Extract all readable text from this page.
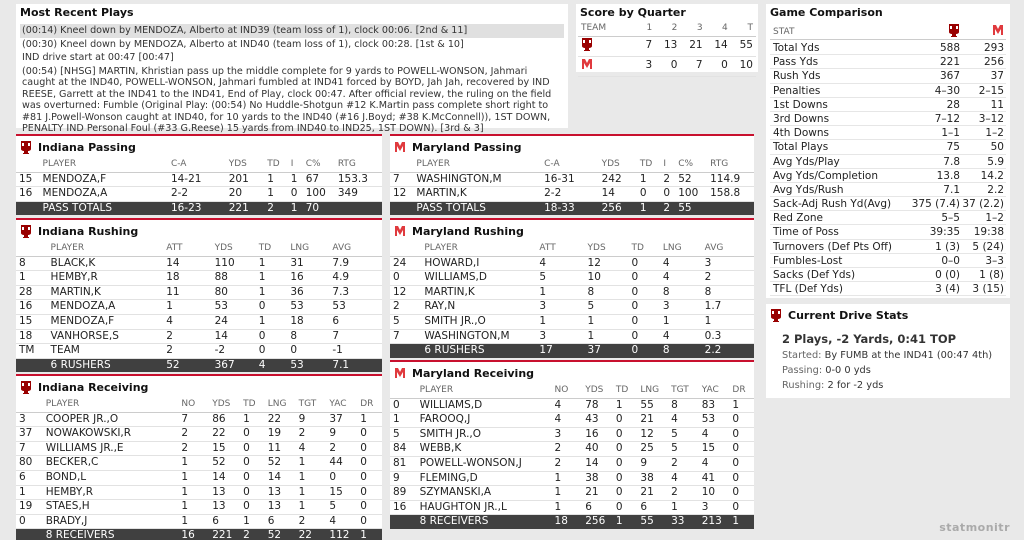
Most Recent Plays
(00:14) Kneel down by MENDOZA, Alberto at IND39 (team loss of 1), clock 00:06. [2nd & 11]
(00:30) Kneel down by MENDOZA, Alberto at IND40 (team loss of 1), clock 00:28. [1st & 10]
IND drive start at 00:47 [00:47]
(00:54) [NHSG] MARTIN, Khristian pass up the middle complete for 9 yards to POWELL-WONSON, Jahmari caught at the IND40, POWELL-WONSON, Jahmari fumbled at IND41 forced by BOYD, Jah Jah, recovered by IND REESE, Garrett at the IND41 to the IND41, End of Play, clock 00:47. After official review, the ruling on the field was overturned: Fumble (Original Play: (00:54) No Huddle-Shotgun #12 K.Martin pass complete short right to #81 J.Powell-Wonson caught at IND40, for 10 yards to the IND40 (#16 J.Boyd; #38 K.McConnell)), 1ST DOWN, PENALTY IND Personal Foul (#33 G.Reese) 15 yards from IND40 to IND25, 1ST DOWN). [3rd & 3]
Score by Quarter
TEAM	1	2	3	4	T
	7	13	21	14	55
	3	0	7	0	10
Game Comparison
STAT
Total Yds	588	293
Pass Yds	221	256
Rush Yds	367	37
Penalties	4–30	2–15
1st Downs	28	11
3rd Downs	7–12	3–12
4th Downs	1–1	1–2
Total Plays	75	50
Avg Yds/Play	7.8	5.9
Avg Yds/Completion	13.8	14.2
Avg Yds/Rush	7.1	2.2
Sack-Adj Rush Yd(Avg)	375 (7.4) 37 (2.2)
Red Zone	5–5	1–2
Time of Poss	39:35	19:38
Turnovers (Def Pts Off)	1 (3)	5 (24)
Fumbles-Lost	0–0	3–3
Sacks (Def Yds)	0 (0)	1 (8)
TFL (Def Yds)	3 (4)	3 (15)
Current Drive Stats
2 Plays, -2 Yards, 0:41 TOP
Started: By FUMB at the IND41 (00:47 4th)
Passing: 0-0 0 yds
Rushing: 2 for -2 yds
Indiana Passing
	PLAYER	C-A	YDS	TD	I	C%	RTG
15	MENDOZA,F	14-21	201	1	1	67	153.3
16	MENDOZA,A	2-2	20	1	0	100	349
	PASS TOTALS	16-23	221	2	1	70	
Maryland Passing
	PLAYER	C-A	YDS	TD	I	C%	RTG
7	WASHINGTON,M	16-31	242	1	2	52	114.9
12	MARTIN,K	2-2	14	0	0	100	158.8
	PASS TOTALS	18-33	256	1	2	55	
Indiana Rushing
	PLAYER	ATT	YDS	TD	LNG	AVG
8	BLACK,K	14	110	1	31	7.9
1	HEMBY,R	18	88	1	16	4.9
28	MARTIN,K	11	80	1	36	7.3
16	MENDOZA,A	1	53	0	53	53
15	MENDOZA,F	4	24	1	18	6
18	VANHORSE,S	2	14	0	8	7
TM	TEAM	2	-2	0	0	-1
	6 RUSHERS	52	367	4	53	7.1
Maryland Rushing
	PLAYER	ATT	YDS	TD	LNG	AVG
24	HOWARD,I	4	12	0	4	3
0	WILLIAMS,D	5	10	0	4	2
12	MARTIN,K	1	8	0	8	8
2	RAY,N	3	5	0	3	1.7
5	SMITH JR.,O	1	1	0	1	1
7	WASHINGTON,M	3	1	0	4	0.3
	6 RUSHERS	17	37	0	8	2.2
Indiana Receiving
	PLAYER	NO	YDS	TD	LNG	TGT	YAC	DR
3	COOPER JR.,O	7	86	1	22	9	37	1
37	NOWAKOWSKI,R	2	22	0	19	2	9	0
7	WILLIAMS JR.,E	2	15	0	11	4	2	0
80	BECKER,C	1	52	0	52	1	44	0
6	BOND,L	1	14	0	14	1	0	0
1	HEMBY,R	1	13	0	13	1	15	0
19	STAES,H	1	13	0	13	1	5	0
0	BRADY,J	1	6	1	6	2	4	0
	8 RECEIVERS	16	221	2	52	22	112	1
Maryland Receiving
	PLAYER	NO	YDS	TD	LNG	TGT	YAC	DR
0	WILLIAMS,D	4	78	1	55	8	83	1
1	FAROOQ,J	4	43	0	21	4	53	0
5	SMITH JR.,O	3	16	0	12	5	4	0
84	WEBB,K	2	40	0	25	5	15	0
81	POWELL-WONSON,J	2	14	0	9	2	4	0
9	FLEMING,D	1	38	0	38	4	41	0
89	SZYMANSKI,A	1	21	0	21	2	10	0
16	HAUGHTON JR.,L	1	6	0	6	1	3	0
	8 RECEIVERS	18	256	1	55	33	213	1	statmonitr
